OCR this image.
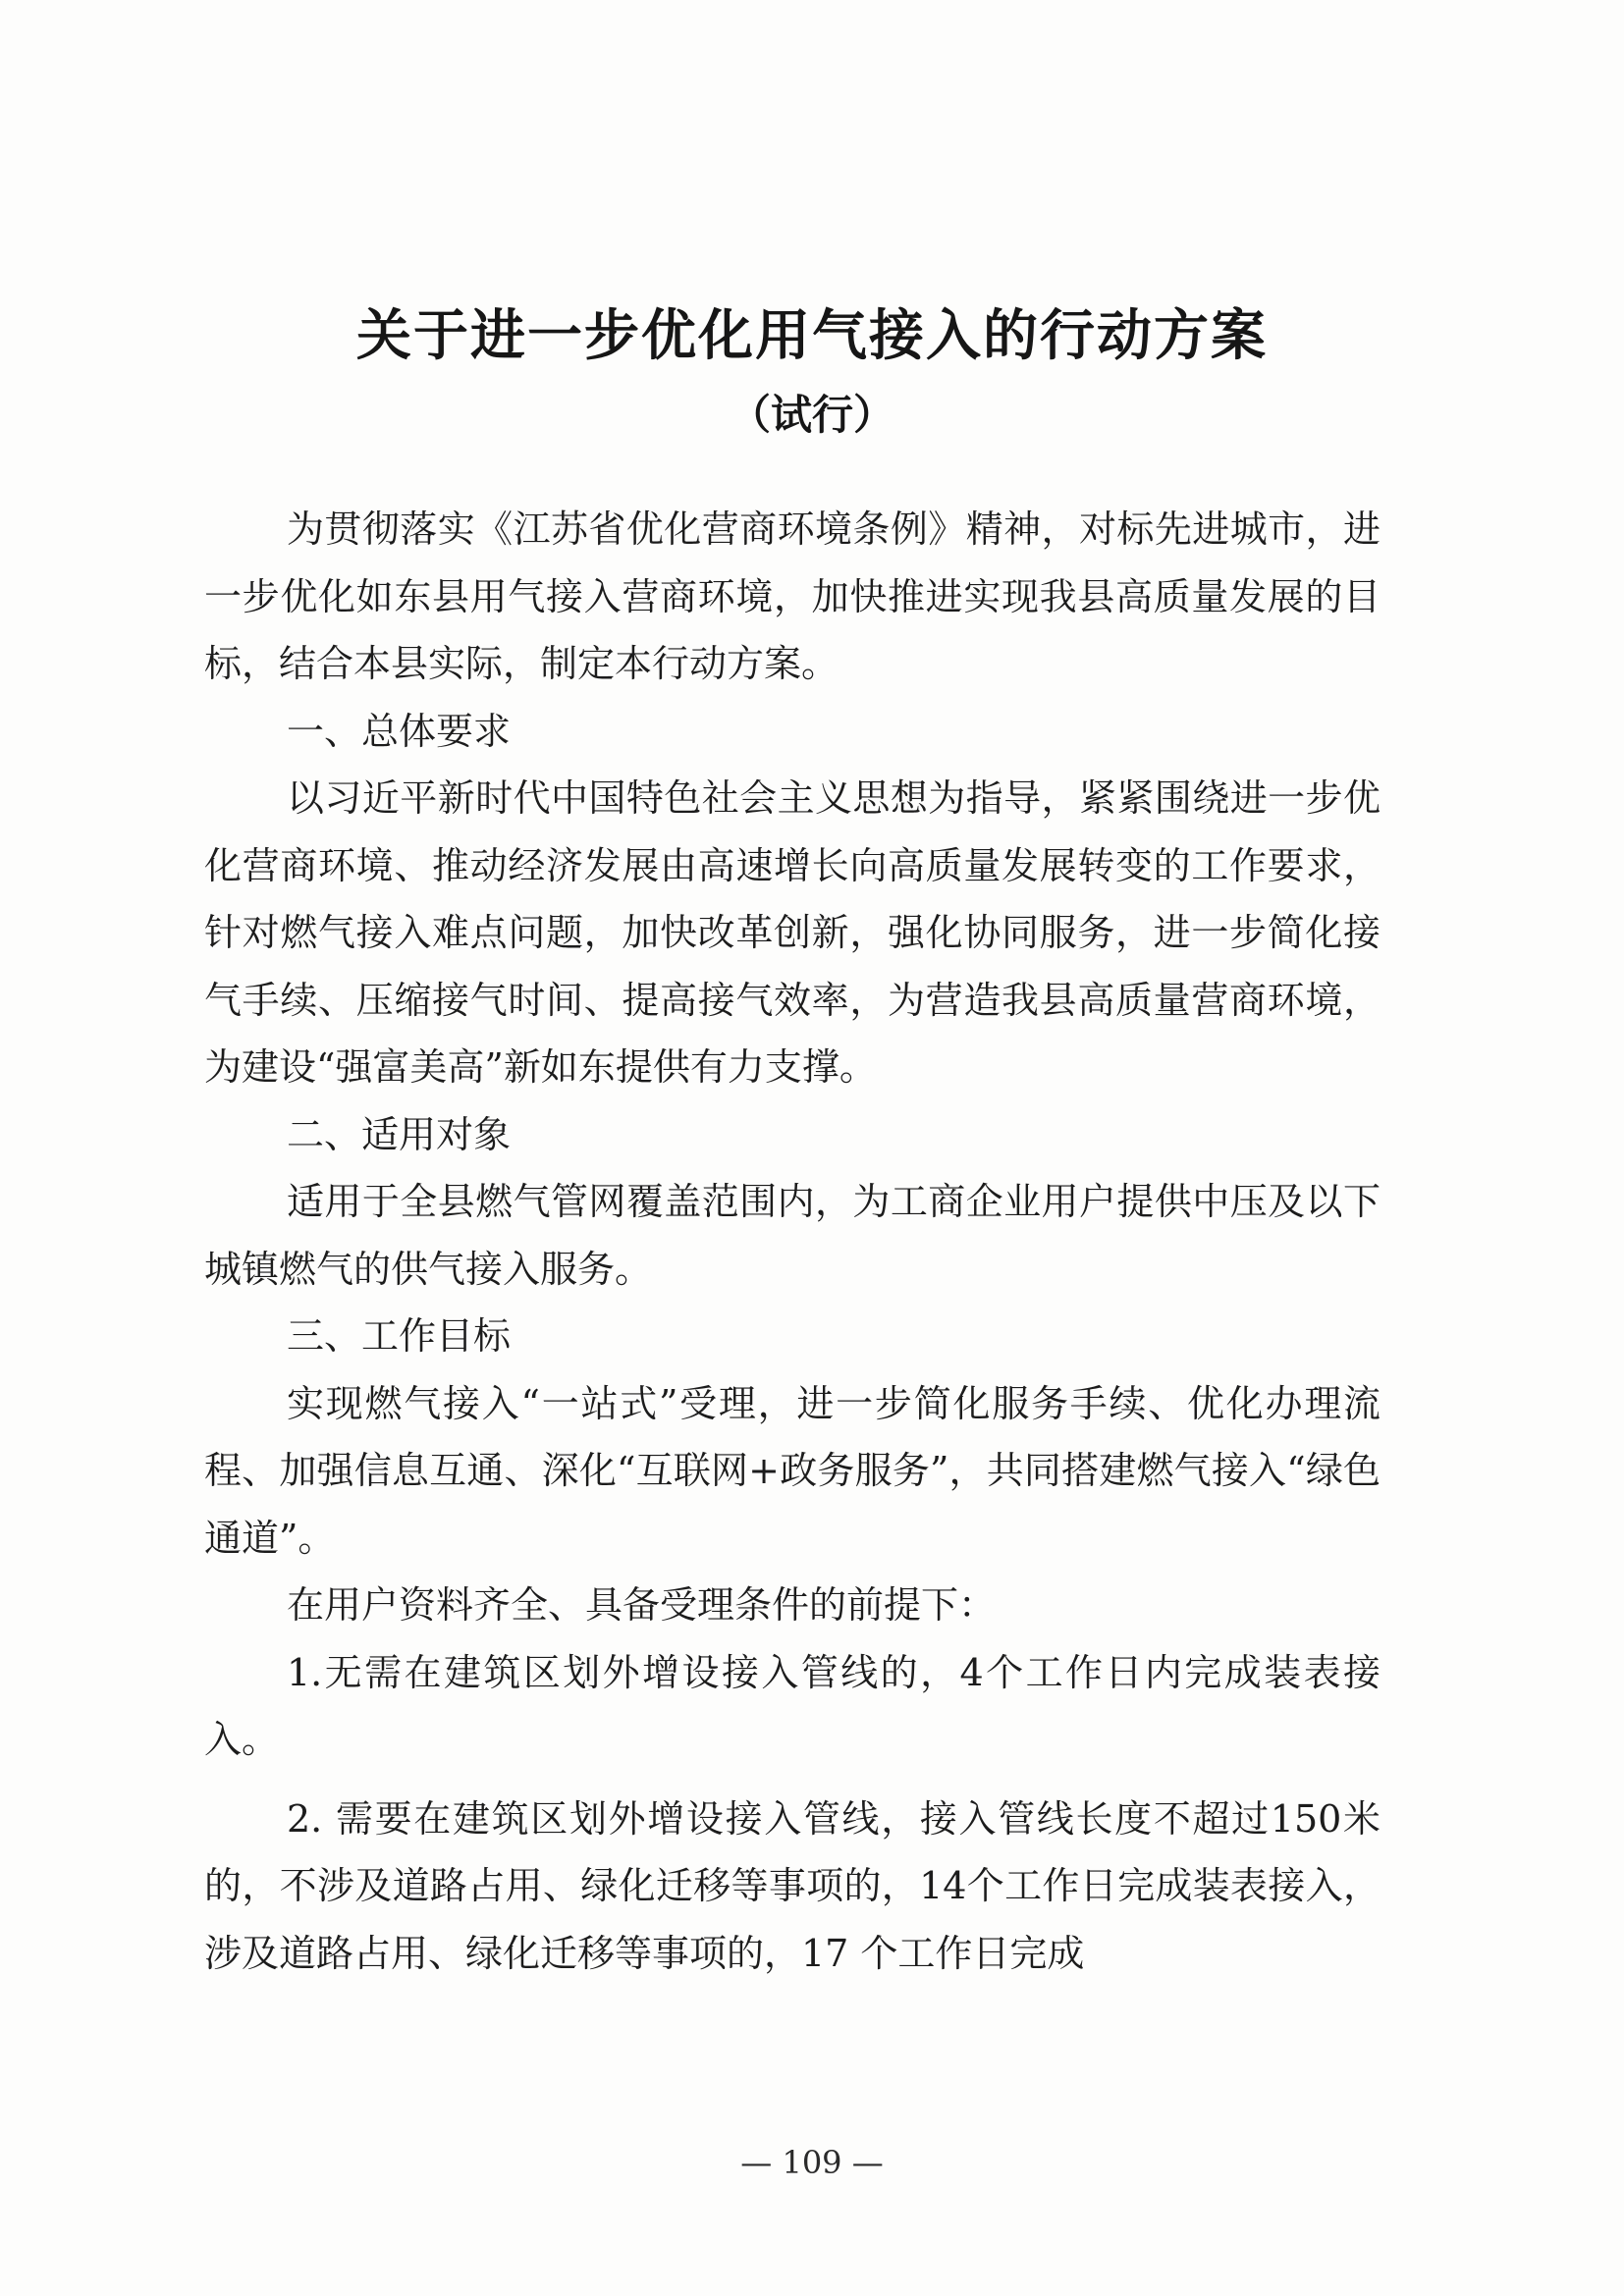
关于进一步优化用气接入的行动方案
（试行）

为贯彻落实《江苏省优化营商环境条例》精神，对标先进城市，进一步优化如东县用气接入营商环境，加快推进实现我县高质量发展的目标，结合本县实际，制定本行动方案。

一、总体要求

以习近平新时代中国特色社会主义思想为指导，紧紧围绕进一步优化营商环境、推动经济发展由高速增长向高质量发展转变的工作要求，针对燃气接入难点问题，加快改革创新，强化协同服务，进一步简化接气手续、压缩接气时间、提高接气效率，为营造我县高质量营商环境，为建设“强富美高”新如东提供有力支撑。

二、适用对象

适用于全县燃气管网覆盖范围内，为工商企业用户提供中压及以下城镇燃气的供气接入服务。

三、工作目标

实现燃气接入“一站式”受理，进一步简化服务手续、优化办理流程、加强信息互通、深化“互联网+政务服务”，共同搭建燃气接入“绿色通道”。

在用户资料齐全、具备受理条件的前提下：

1.无需在建筑区划外增设接入管线的，4个工作日内完成装表接入。

2. 需要在建筑区划外增设接入管线，接入管线长度不超过150米的，不涉及道路占用、绿化迁移等事项的，14个工作日完成装表接入，涉及道路占用、绿化迁移等事项的，17 个工作日完成

— 109 —
